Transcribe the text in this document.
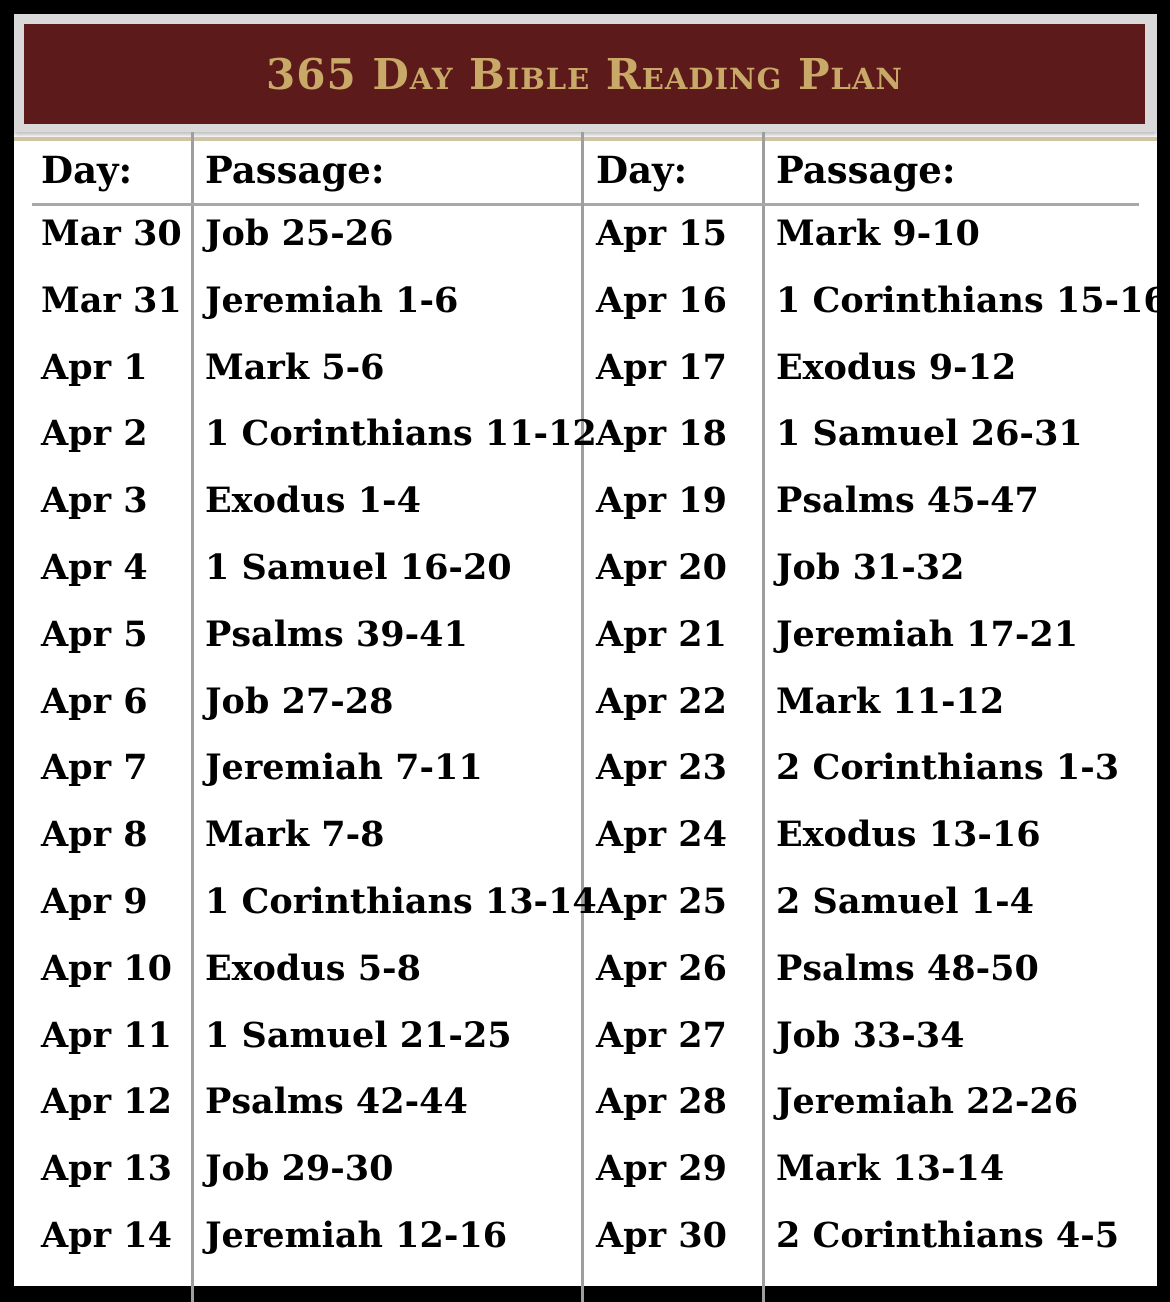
365 Day Bible Reading Plan
Day: Passage:	Day: Passage:
Mar 30 Job 25-26
Mar 31 Jeremiah 1-6
Apr 1 Mark 5-6
Apr 2 1 Corinthians 11-12
Apr 3 Exodus 1-4
Apr 4 1 Samuel 16-20
Apr 5 Psalms 39-41
Apr 6 Job 27-28
Apr 7 Jeremiah 7-11
Apr 8 Mark 7-8
Apr 9 1 Corinthians 13-14
Apr 10 Exodus 5-8
Apr 11 1 Samuel 21-25
Apr 12 Psalms 42-44
Apr 13 Job 29-30
Apr 14 Jeremiah 12-16
Apr 15 Mark 9-10
Apr 16 1 Corinthians 15-16
Apr 17 Exodus 9-12
Apr 18 1 Samuel 26-31
Apr 19 Psalms 45-47
Apr 20 Job 31-32
Apr 21 Jeremiah 17-21
Apr 22 Mark 11-12
Apr 23 2 Corinthians 1-3
Apr 24 Exodus 13-16
Apr 25 2 Samuel 1-4
Apr 26 Psalms 48-50
Apr 27 Job 33-34
Apr 28 Jeremiah 22-26
Apr 29 Mark 13-14
Apr 30 2 Corinthians 4-5
